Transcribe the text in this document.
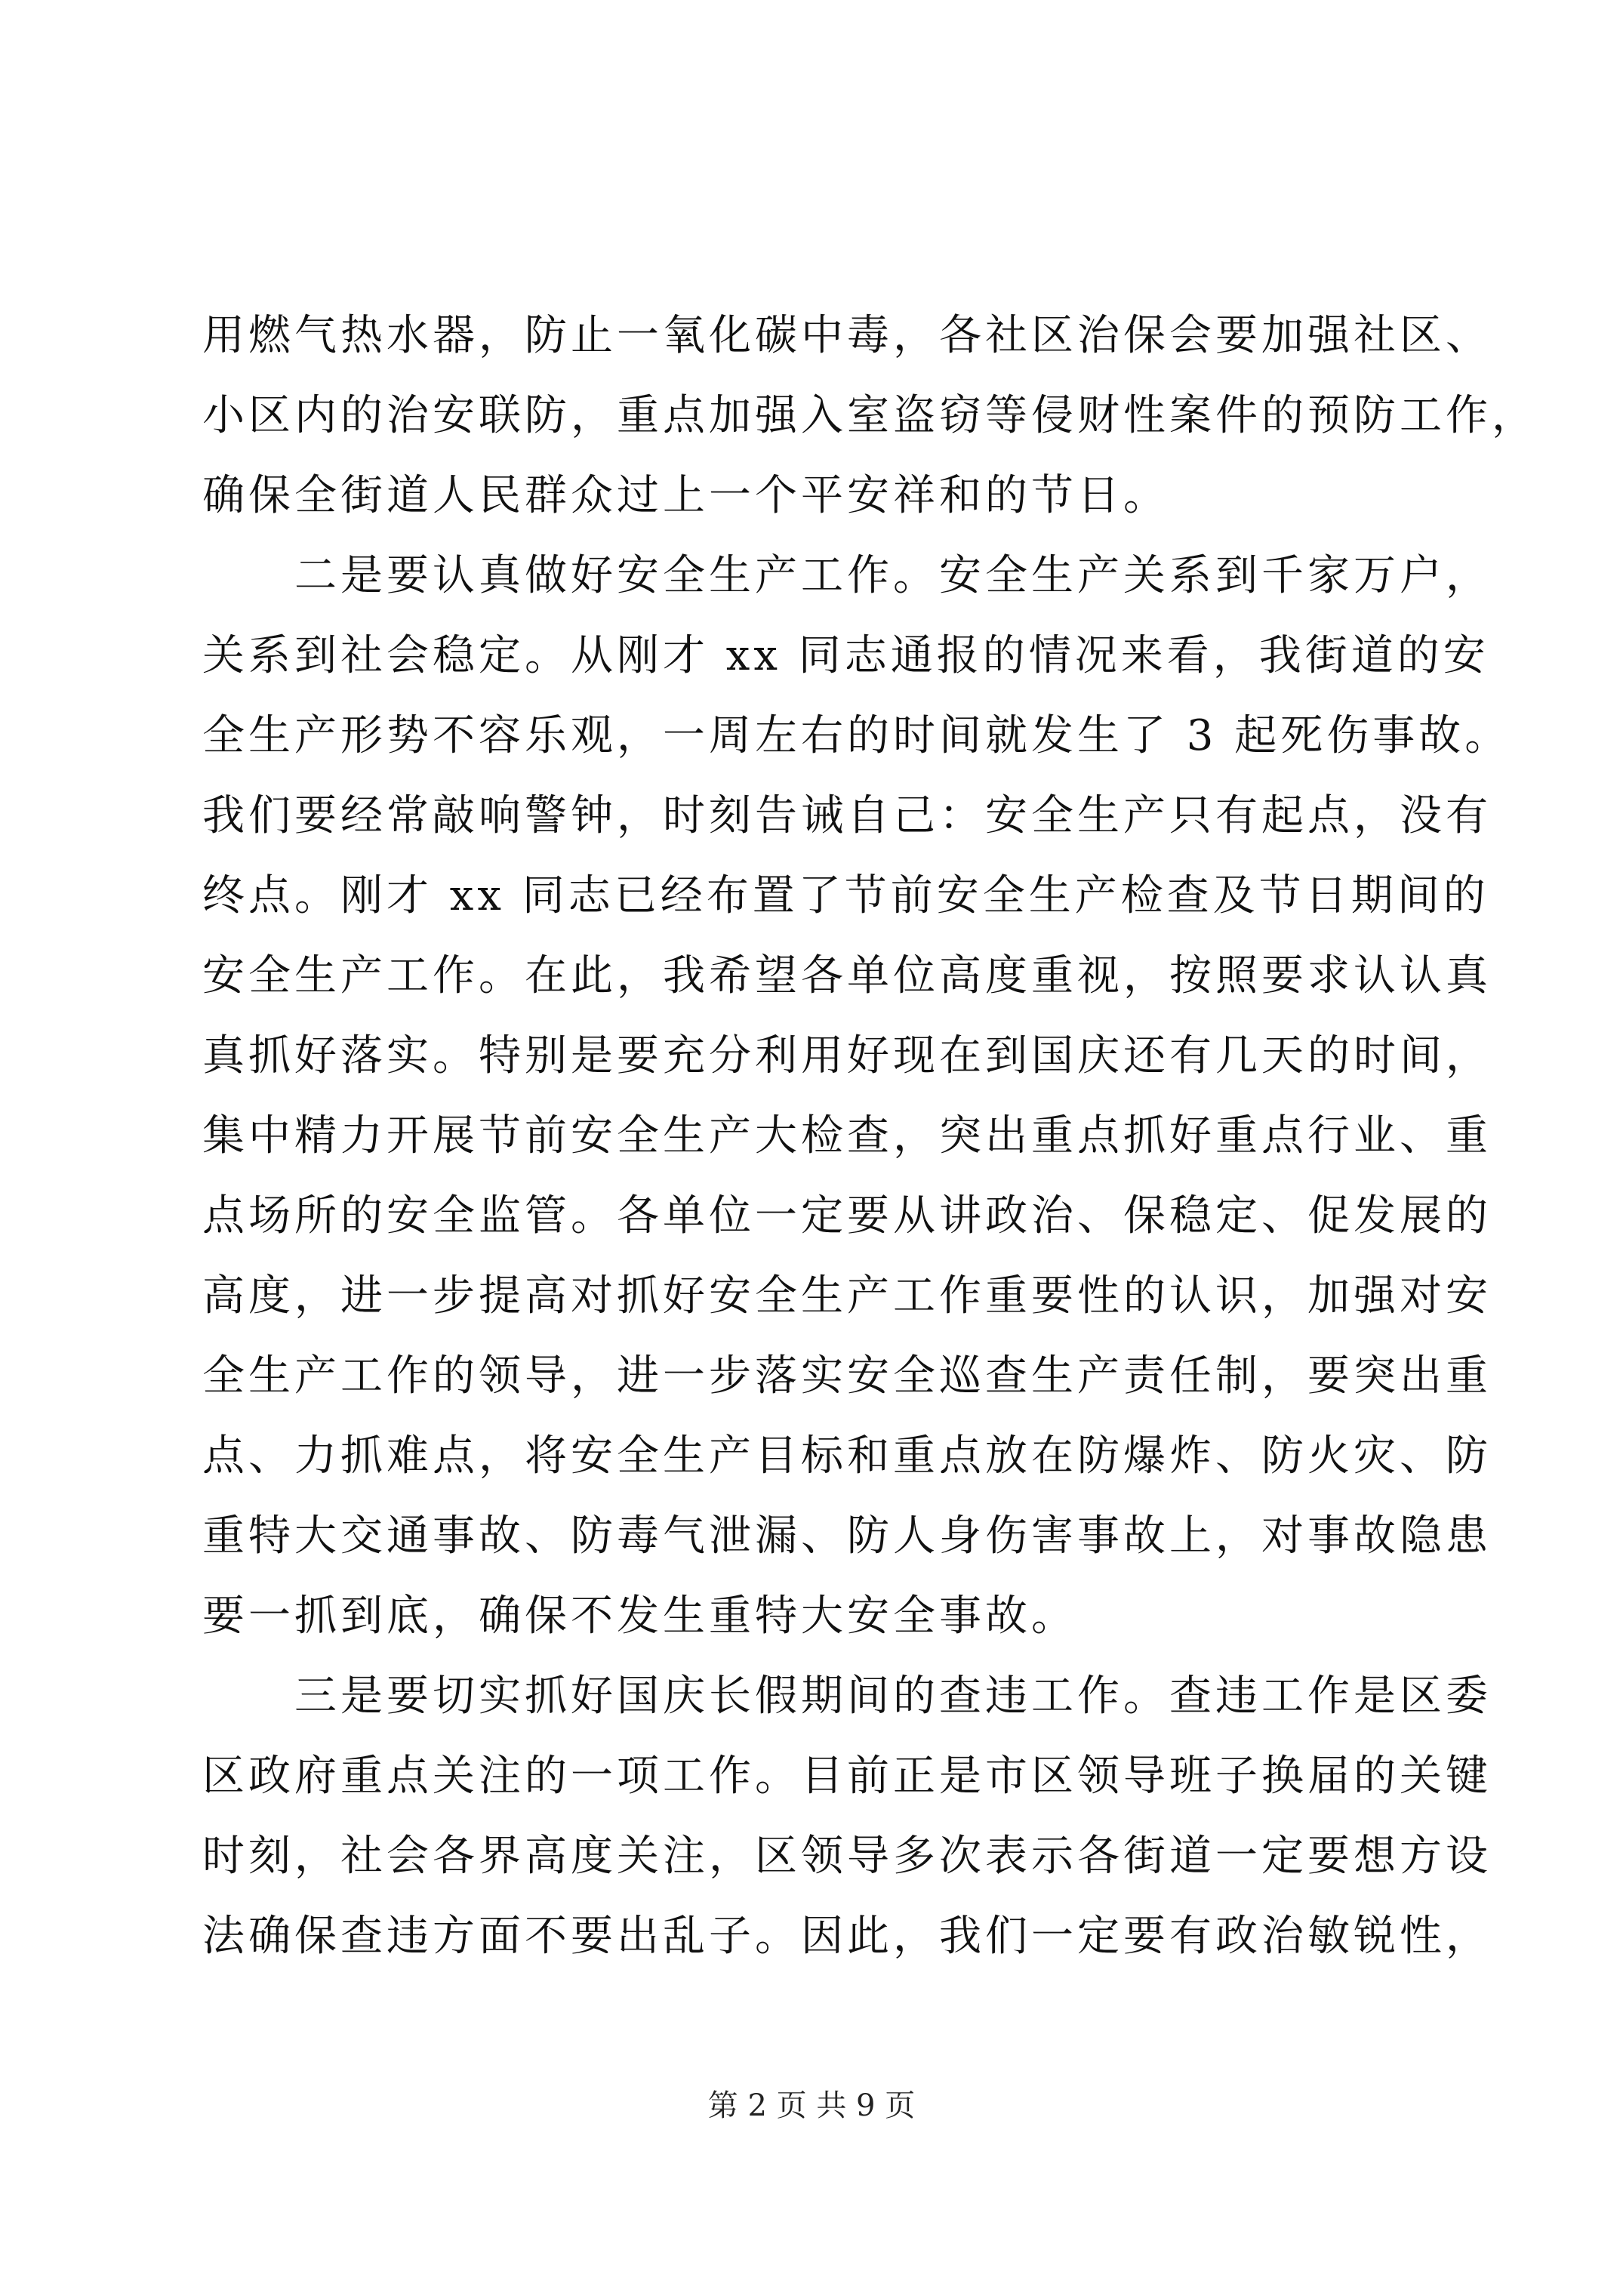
用燃气热水器，防止一氧化碳中毒，各社区治保会要加强社区、
小区内的治安联防，重点加强入室盗窃等侵财性案件的预防工作，
确保全街道人民群众过上一个平安祥和的节日。
　　二是要认真做好安全生产工作。安全生产关系到千家万户，
关系到社会稳定。从刚才 xx 同志通报的情况来看，我街道的安
全生产形势不容乐观，一周左右的时间就发生了 3 起死伤事故。
我们要经常敲响警钟，时刻告诫自己：安全生产只有起点，没有
终点。刚才 xx 同志已经布置了节前安全生产检查及节日期间的
安全生产工作。在此，我希望各单位高度重视，按照要求认认真
真抓好落实。特别是要充分利用好现在到国庆还有几天的时间，
集中精力开展节前安全生产大检查，突出重点抓好重点行业、重
点场所的安全监管。各单位一定要从讲政治、保稳定、促发展的
高度，进一步提高对抓好安全生产工作重要性的认识，加强对安
全生产工作的领导，进一步落实安全巡查生产责任制，要突出重
点、力抓难点，将安全生产目标和重点放在防爆炸、防火灾、防
重特大交通事故、防毒气泄漏、防人身伤害事故上，对事故隐患
要一抓到底，确保不发生重特大安全事故。
　　三是要切实抓好国庆长假期间的查违工作。查违工作是区委
区政府重点关注的一项工作。目前正是市区领导班子换届的关键
时刻，社会各界高度关注，区领导多次表示各街道一定要想方设
法确保查违方面不要出乱子。因此，我们一定要有政治敏锐性，
第 2 页 共 9 页
